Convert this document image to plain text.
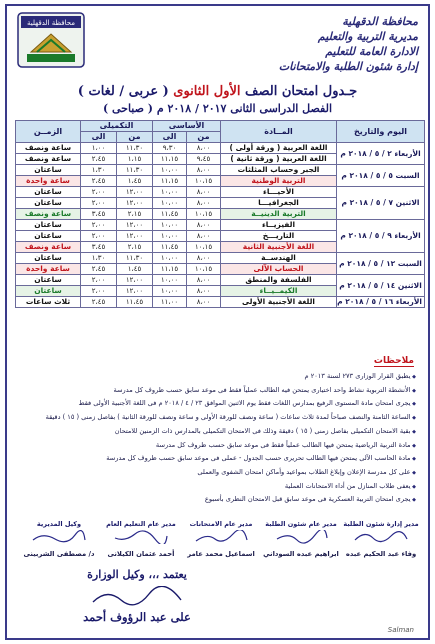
محافظة الدقهلية
مديرية التربية والتعليم
الادارة العامة للتعليم
إدارة شئون الطلبة والامتحانات
محافظة الدقهلية
جـدول امتحان الصف الأول الثانوى ( عربى / لغات )
الفصل الدراسى الثانى ٢٠١٧ / ٢٠١٨ م ( صباحى )
اليوم والتاريخ	المــادة	الأساسى		التكميلى		الزمــن
		من	الى	من	الى	
الأربعاء ٢ / ٥ / ٢٠١٨ م	اللغة العربية ( ورقة أولى )	٨،٠٠	٩،٣٠	١١،٣٠	١،٠٠	ساعة ونصف
	اللغة العربية ( ورقة ثانية )	٩،٤٥	١١،١٥	١،١٥	٢،٤٥	ساعة ونصف
السبت ٥ / ٥ / ٢٠١٨ م	الجبر وحساب المثلثات	٨،٠٠	١٠،٠٠	١١،٣٠	١،٣٠	ساعتان
	التربية الوطنية	١٠،١٥	١١،١٥	١،٤٥	٢،٤٥	ساعة واحدة
الاثنين ٧ / ٥ / ٢٠١٨ م	الأحيـــاء	٨،٠٠	١٠،٠٠	١٢،٠٠	٢،٠٠	ساعتان
	الجغرافيـــا	٨،٠٠	١٠،٠٠	١٢،٠٠	٢،٠٠	ساعتان
	التربية الدينيــة	١٠،١٥	١١،٤٥	٢،١٥	٣،٤٥	ساعة ونصف
الأربعاء ٩ / ٥ / ٢٠١٨ م	الفيزيــاء	٨،٠٠	١٠،٠٠	١٢،٠٠	٢،٠٠	ساعتان
	التاريـــخ	٨،٠٠	١٠،٠٠	١٢،٠٠	٢،٠٠	ساعتان
	اللغة الأجنبية الثانية	١٠،١٥	١١،٤٥	٢،١٥	٣،٤٥	ساعة ونصف
السبت ١٢ / ٥ / ٢٠١٨ م	الهندســة	٨،٠٠	١٠،٠٠	١١،٣٠	١،٣٠	ساعتان
	الحساب الآلى	١٠،١٥	١١،١٥	١،٤٥	٢،٤٥	ساعة واحدة
الاثنين ١٤ / ٥ / ٢٠١٨ م	الفلسفة والمنطق	٨،٠٠	١٠،٠٠	١٢،٠٠	٢،٠٠	ساعتان
	الكيمــيــاء	٨،٠٠	١٠،٠٠	١٢،٠٠	٢،٠٠	ساعتان
الأربعاء ١٦ / ٥ / ٢٠١٨ م	اللغة الأجنبية الأولى	٨،٠٠	١١،٠٠	١١،٤٥	٢،٤٥	ثلاث ساعات
ملاحظات
◆ يطبق القرار الوزارى ٢٧٣ لسنة ٢٠١٣ م
◆ الأنشطة التربوية نشاط واحد اختيارى يمتحن فيه الطالب عملياً فقط فى موعد سابق حسب ظروف كل مدرسة
◆ يجرى امتحان مادة المستوى الرفيع بمدارس اللغات فقط يوم الاثنين الموافق ٢٣ / ٤ / ٢٠١٨ م فى اللغة الأجنبية الأولى فقط
◆ الساعة الثامنة والنصف صباحاً لمدة ثلاث ساعات ( ساعة ونصف للورقة الأولى و ساعة ونصف للورقة الثانية ) بفاصل زمنى ( ١٥ ) دقيقة
◆ بقية الامتحان التكميلى بفاصل زمنى ( ١٥ ) دقيقة وذلك فى الامتحان التكميلى بالمدارس ذات الزمنين للامتحان
◆ مادة التربية الرياضية يمتحن فيها الطالب عملياً فقط فى موعد سابق حسب ظروف كل مدرسة
◆ مادة الحاسب الآلى يمتحن فيها الطالب تحريرى حسب الجدول - عملى فى موعد سابق حسب ظروف كل مدرسة
◆ على كل مدرسة الإعلان وإبلاغ الطلاب بمواعيد وأماكن امتحان الشفوى والعملى
◆ يعفى طلاب المنازل من أداء الامتحانات العملية
◆ يجرى امتحان التربية العسكرية فى موعد سابق قبل الامتحان النظرى بأسبوع
مدير إدارة شئون الطلبة
وفاء عبد الحكيم عبده
مدير عام شئون الطلبة
ابراهيم عبده السوداني
مدير عام الامتحانات
اسماعيل محمد عامر
مدير عام التعليم العام
أحمد عثمان الكيلانى
وكيل المديرية
د/ مصطفى الشربينى
يعتمد ،،، وكيل الوزارة
على عبد الرؤوف أحمد
Salman
